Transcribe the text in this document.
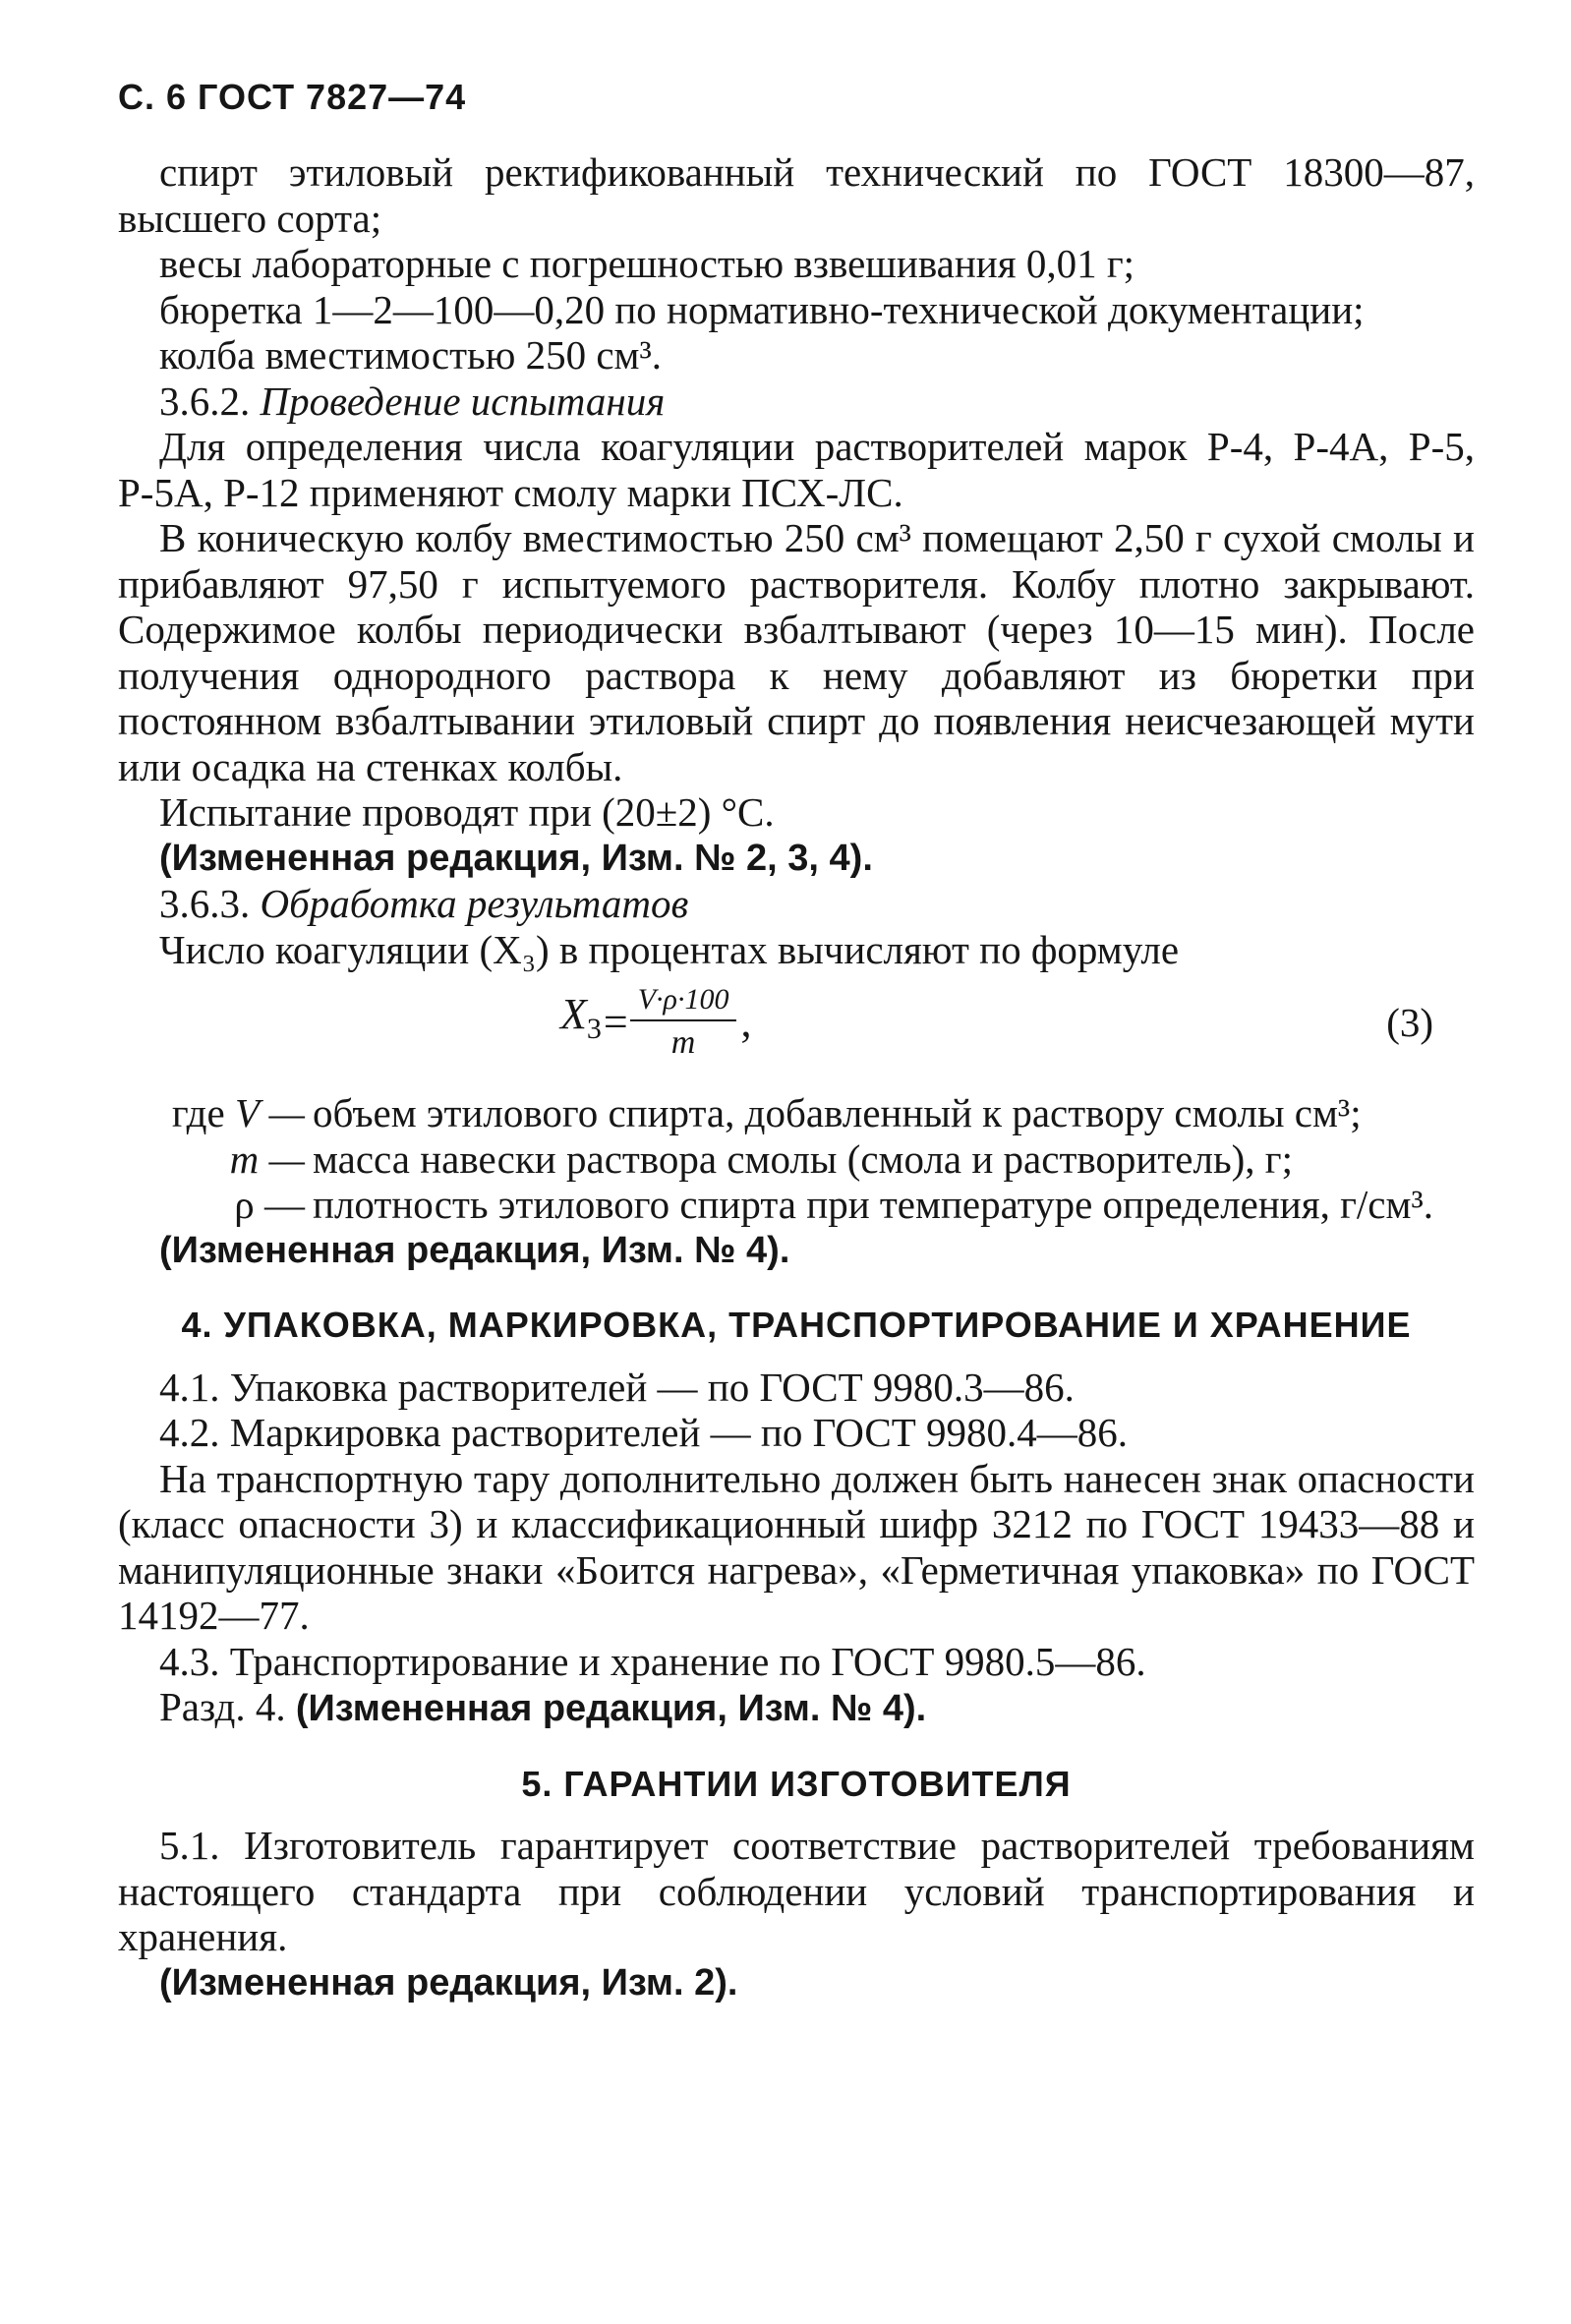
С. 6 ГОСТ 7827—74

спирт этиловый ректификованный технический по ГОСТ 18300—87, высшего сорта;

весы лабораторные с погрешностью взвешивания 0,01 г;

бюретка 1—2—100—0,20 по нормативно-технической документации;

колба вместимостью 250 см³.

3.6.2. Проведение испытания

Для определения числа коагуляции растворителей марок Р-4, Р-4А, Р-5, Р-5А, Р-12 применяют смолу марки ПСХ-ЛС.

В коническую колбу вместимостью 250 см³ помещают 2,50 г сухой смолы и прибавляют 97,50 г испытуемого растворителя. Колбу плотно закрывают. Содержимое колбы периодически взбалтывают (через 10—15 мин). После получения однородного раствора к нему добавляют из бюретки при постоянном взбалтывании этиловый спирт до появления неисчезающей мути или осадка на стенках колбы.

Испытание проводят при (20±2) °С.

(Измененная редакция, Изм. № 2, 3, 4).

3.6.3. Обработка результатов

Число коагуляции (X₃) в процентах вычисляют по формуле

$X_3 = \frac{V\cdot\rho\cdot 100}{m}$ ,	(3)
где V — объем этилового спирта, добавленный к раствору смолы см³;
m — масса навески раствора смолы (смола и растворитель), г;
ρ — плотность этилового спирта при температуре определения, г/см³.

(Измененная редакция, Изм. № 4).

4. УПАКОВКА, МАРКИРОВКА, ТРАНСПОРТИРОВАНИЕ И ХРАНЕНИЕ

4.1. Упаковка растворителей — по ГОСТ 9980.3—86.

4.2. Маркировка растворителей — по ГОСТ 9980.4—86.

На транспортную тару дополнительно должен быть нанесен знак опасности (класс опасности 3) и классификационный шифр 3212 по ГОСТ 19433—88 и манипуляционные знаки «Боится нагрева», «Герметичная упаковка» по ГОСТ 14192—77.

4.3. Транспортирование и хранение по ГОСТ 9980.5—86.

Разд. 4. (Измененная редакция, Изм. № 4).

5. ГАРАНТИИ ИЗГОТОВИТЕЛЯ

5.1. Изготовитель гарантирует соответствие растворителей требованиям настоящего стандарта при соблюдении условий транспортирования и хранения.

(Измененная редакция, Изм. 2).
